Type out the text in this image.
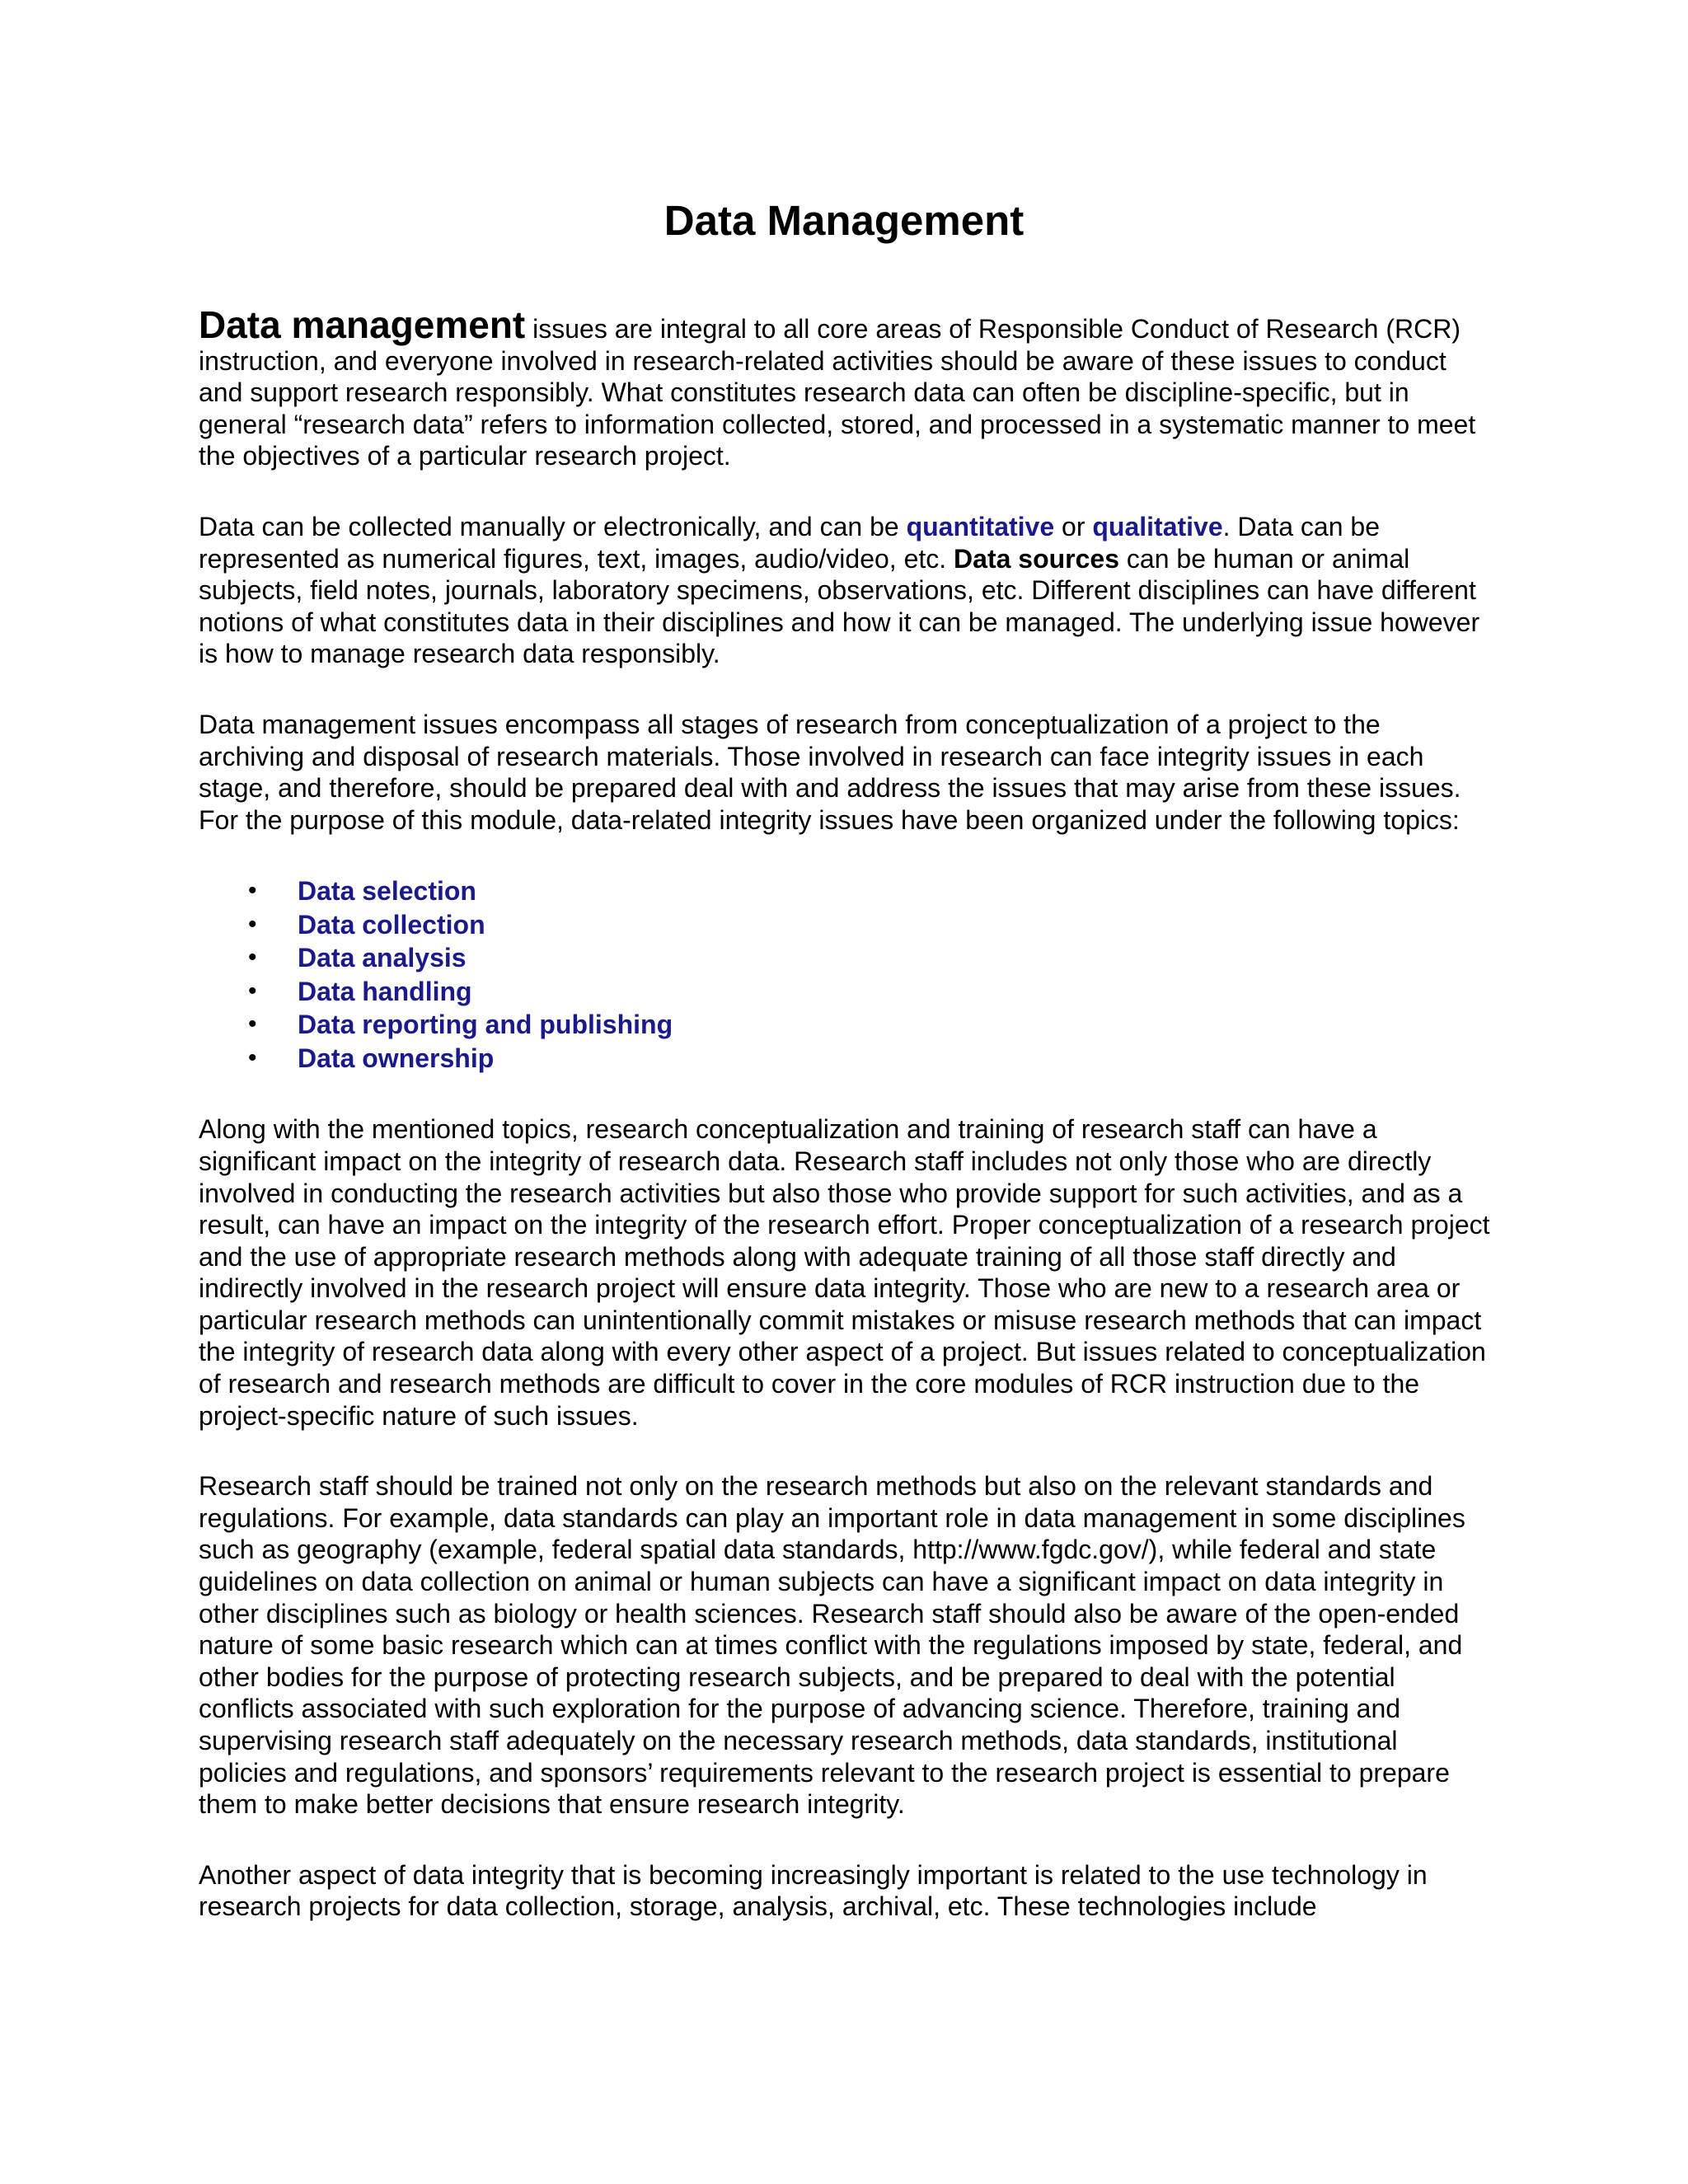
Data Management

Data management issues are integral to all core areas of Responsible Conduct of Research (RCR) instruction, and everyone involved in research-related activities should be aware of these issues to conduct and support research responsibly. What constitutes research data can often be discipline-specific, but in general “research data” refers to information collected, stored, and processed in a systematic manner to meet the objectives of a particular research project.

Data can be collected manually or electronically, and can be quantitative or qualitative. Data can be represented as numerical figures, text, images, audio/video, etc. Data sources can be human or animal subjects, field notes, journals, laboratory specimens, observations, etc. Different disciplines can have different notions of what constitutes data in their disciplines and how it can be managed. The underlying issue however is how to manage research data responsibly.

Data management issues encompass all stages of research from conceptualization of a project to the archiving and disposal of research materials. Those involved in research can face integrity issues in each stage, and therefore, should be prepared deal with and address the issues that may arise from these issues. For the purpose of this module, data-related integrity issues have been organized under the following topics:

• Data selection
• Data collection
• Data analysis
• Data handling
• Data reporting and publishing
• Data ownership

Along with the mentioned topics, research conceptualization and training of research staff can have a significant impact on the integrity of research data. Research staff includes not only those who are directly involved in conducting the research activities but also those who provide support for such activities, and as a result, can have an impact on the integrity of the research effort. Proper conceptualization of a research project and the use of appropriate research methods along with adequate training of all those staff directly and indirectly involved in the research project will ensure data integrity. Those who are new to a research area or particular research methods can unintentionally commit mistakes or misuse research methods that can impact the integrity of research data along with every other aspect of a project. But issues related to conceptualization of research and research methods are difficult to cover in the core modules of RCR instruction due to the project-specific nature of such issues.

Research staff should be trained not only on the research methods but also on the relevant standards and regulations. For example, data standards can play an important role in data management in some disciplines such as geography (example, federal spatial data standards, http://www.fgdc.gov/), while federal and state guidelines on data collection on animal or human subjects can have a significant impact on data integrity in other disciplines such as biology or health sciences. Research staff should also be aware of the open-ended nature of some basic research which can at times conflict with the regulations imposed by state, federal, and other bodies for the purpose of protecting research subjects, and be prepared to deal with the potential conflicts associated with such exploration for the purpose of advancing science. Therefore, training and supervising research staff adequately on the necessary research methods, data standards, institutional policies and regulations, and sponsors’ requirements relevant to the research project is essential to prepare them to make better decisions that ensure research integrity.

Another aspect of data integrity that is becoming increasingly important is related to the use technology in research projects for data collection, storage, analysis, archival, etc. These technologies include
